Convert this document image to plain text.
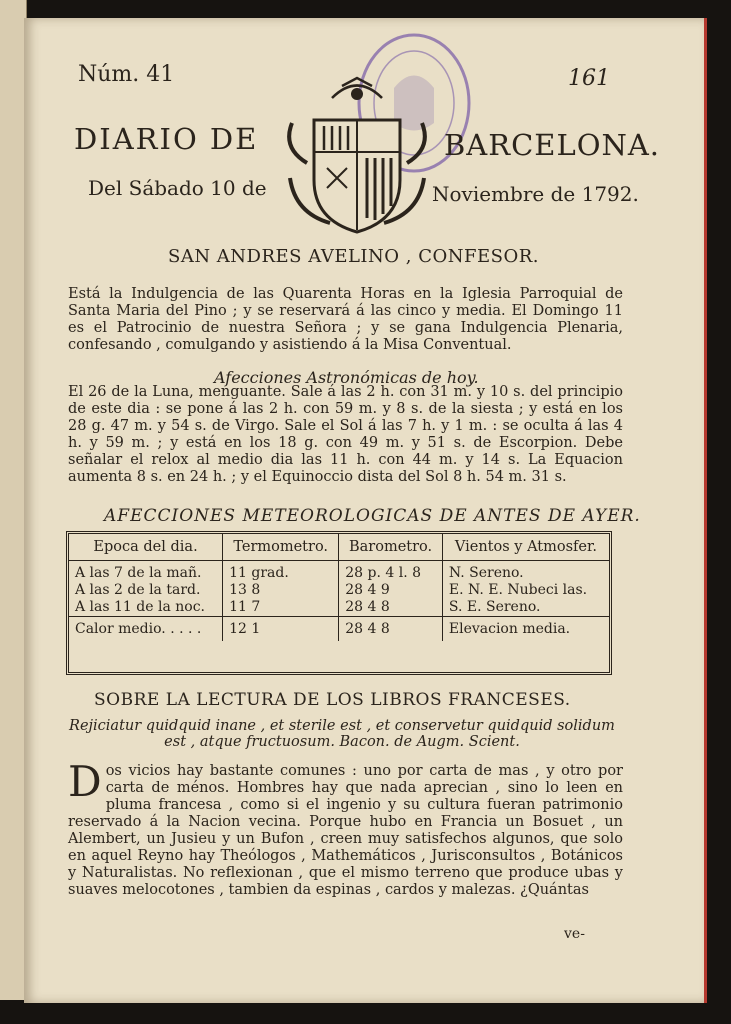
Núm. 41	161
DIARIO DE	BARCELONA.
Del Sábado 10 de	Noviembre de 1792.
SAN ANDRES AVELINO , CONFESOR.
Está la Indulgencia de las Quarenta Horas en la Iglesia Parroquial de Santa Maria del Pino ; y se reservará á las cinco y media. El Domingo 11 es el Patrocinio de nuestra Señora ; y se gana Indulgencia Plenaria, confesando , comulgando y asistiendo á la Misa Conventual.
Afecciones Astronómicas de hoy.
El 26 de la Luna, menguante. Sale á las 2 h. con 31 m. y 10 s. del principio de este dia : se pone á las 2 h. con 59 m. y 8 s. de la siesta ; y está en los 28 g. 47 m. y 54 s. de Virgo. Sale el Sol á las 7 h. y 1 m. : se oculta á las 4 h. y 59 m. ; y está en los 18 g. con 49 m. y 51 s. de Escorpion. Debe señalar el relox al medio dia las 11 h. con 44 m. y 14 s. La Equacion aumenta 8 s. en 24 h. ; y el Equinoccio dista del Sol 8 h. 54 m. 31 s.
AFECCIONES METEOROLOGICAS DE ANTES DE AYER.
Epoca del dia.	Termometro.	Barometro.	Vientos y Atmosfer.
A las 7 de la mañ.	11 grad.	28 p. 4 l. 8	N. Sereno.
A las 2 de la tard.	13 8	28 4 9	E. N. E. Nubeci las.
A las 11 de la noc.	11 7	28 4 8	S. E. Sereno.
Calor medio. . . . .	12 1	28 4 8	Elevacion media.
SOBRE LA LECTURA DE LOS LIBROS FRANCESES.
Rejiciatur quidquid inane , et sterile est , et conservetur quidquid solidum est , atque fructuosum. Bacon. de Augm. Scient.
Dos vicios hay bastante comunes : uno por carta de mas , y otro por carta de ménos. Hombres hay que nada aprecian , sino lo leen en pluma francesa , como si el ingenio y su cultura fueran patrimonio reservado á la Nacion vecina. Porque hubo en Francia un Bosuet , un Alembert, un Jusieu y un Bufon , creen muy satisfechos algunos, que solo en aquel Reyno hay Theólogos , Mathemáticos , Jurisconsultos , Botánicos y Naturalistas. No reflexionan , que el mismo terreno que produce ubas y suaves melocotones , tambien da espinas , cardos y malezas. ¿Quántas
ve-
